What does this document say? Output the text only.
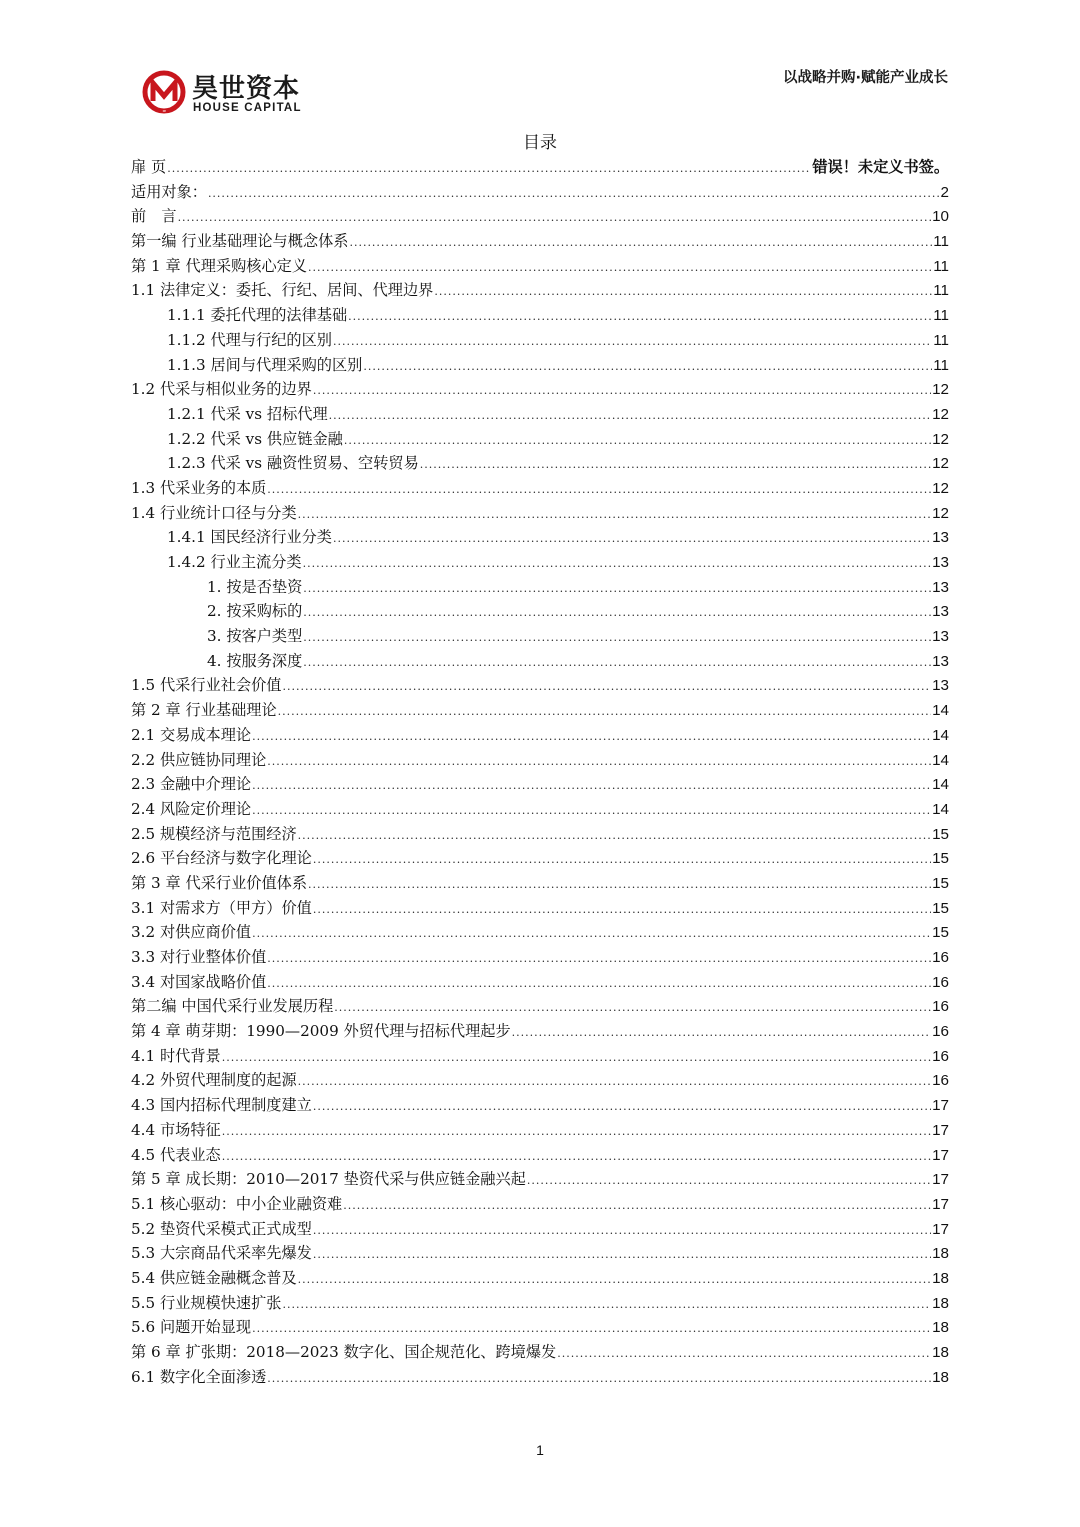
昊世资本
HOUSE CAPITAL
以战略并购·赋能产业成长
目录
扉 页 .....	错误！未定义书签。
适用对象： .....	2
前　言 .....	10
第一编 行业基础理论与概念体系 .....	11
第 1 章 代理采购核心定义 .....	11
1.1 法律定义：委托、行纪、居间、代理边界 .....	11
1.1.1 委托代理的法律基础 .....	11
1.1.2 代理与行纪的区别 .....	11
1.1.3 居间与代理采购的区别 .....	11
1.2 代采与相似业务的边界 .....	12
1.2.1 代采 vs 招标代理 .....	12
1.2.2 代采 vs 供应链金融 .....	12
1.2.3 代采 vs 融资性贸易、空转贸易 .....	12
1.3 代采业务的本质 .....	12
1.4 行业统计口径与分类 .....	12
1.4.1 国民经济行业分类 .....	13
1.4.2 行业主流分类 .....	13
1. 按是否垫资 .....	13
2. 按采购标的 .....	13
3. 按客户类型 .....	13
4. 按服务深度 .....	13
1.5 代采行业社会价值 .....	13
第 2 章 行业基础理论 .....	14
2.1 交易成本理论 .....	14
2.2 供应链协同理论 .....	14
2.3 金融中介理论 .....	14
2.4 风险定价理论 .....	14
2.5 规模经济与范围经济 .....	15
2.6 平台经济与数字化理论 .....	15
第 3 章 代采行业价值体系 .....	15
3.1 对需求方（甲方）价值 .....	15
3.2 对供应商价值 .....	15
3.3 对行业整体价值 .....	16
3.4 对国家战略价值 .....	16
第二编 中国代采行业发展历程 .....	16
第 4 章 萌芽期：1990—2009 外贸代理与招标代理起步 .....	16
4.1 时代背景 .....	16
4.2 外贸代理制度的起源 .....	16
4.3 国内招标代理制度建立 .....	17
4.4 市场特征 .....	17
4.5 代表业态 .....	17
第 5 章 成长期：2010—2017 垫资代采与供应链金融兴起 .....	17
5.1 核心驱动：中小企业融资难 .....	17
5.2 垫资代采模式正式成型 .....	17
5.3 大宗商品代采率先爆发 .....	18
5.4 供应链金融概念普及 .....	18
5.5 行业规模快速扩张 .....	18
5.6 问题开始显现 .....	18
第 6 章 扩张期：2018—2023 数字化、国企规范化、跨境爆发 .....	18
6.1 数字化全面渗透 .....	18
1
